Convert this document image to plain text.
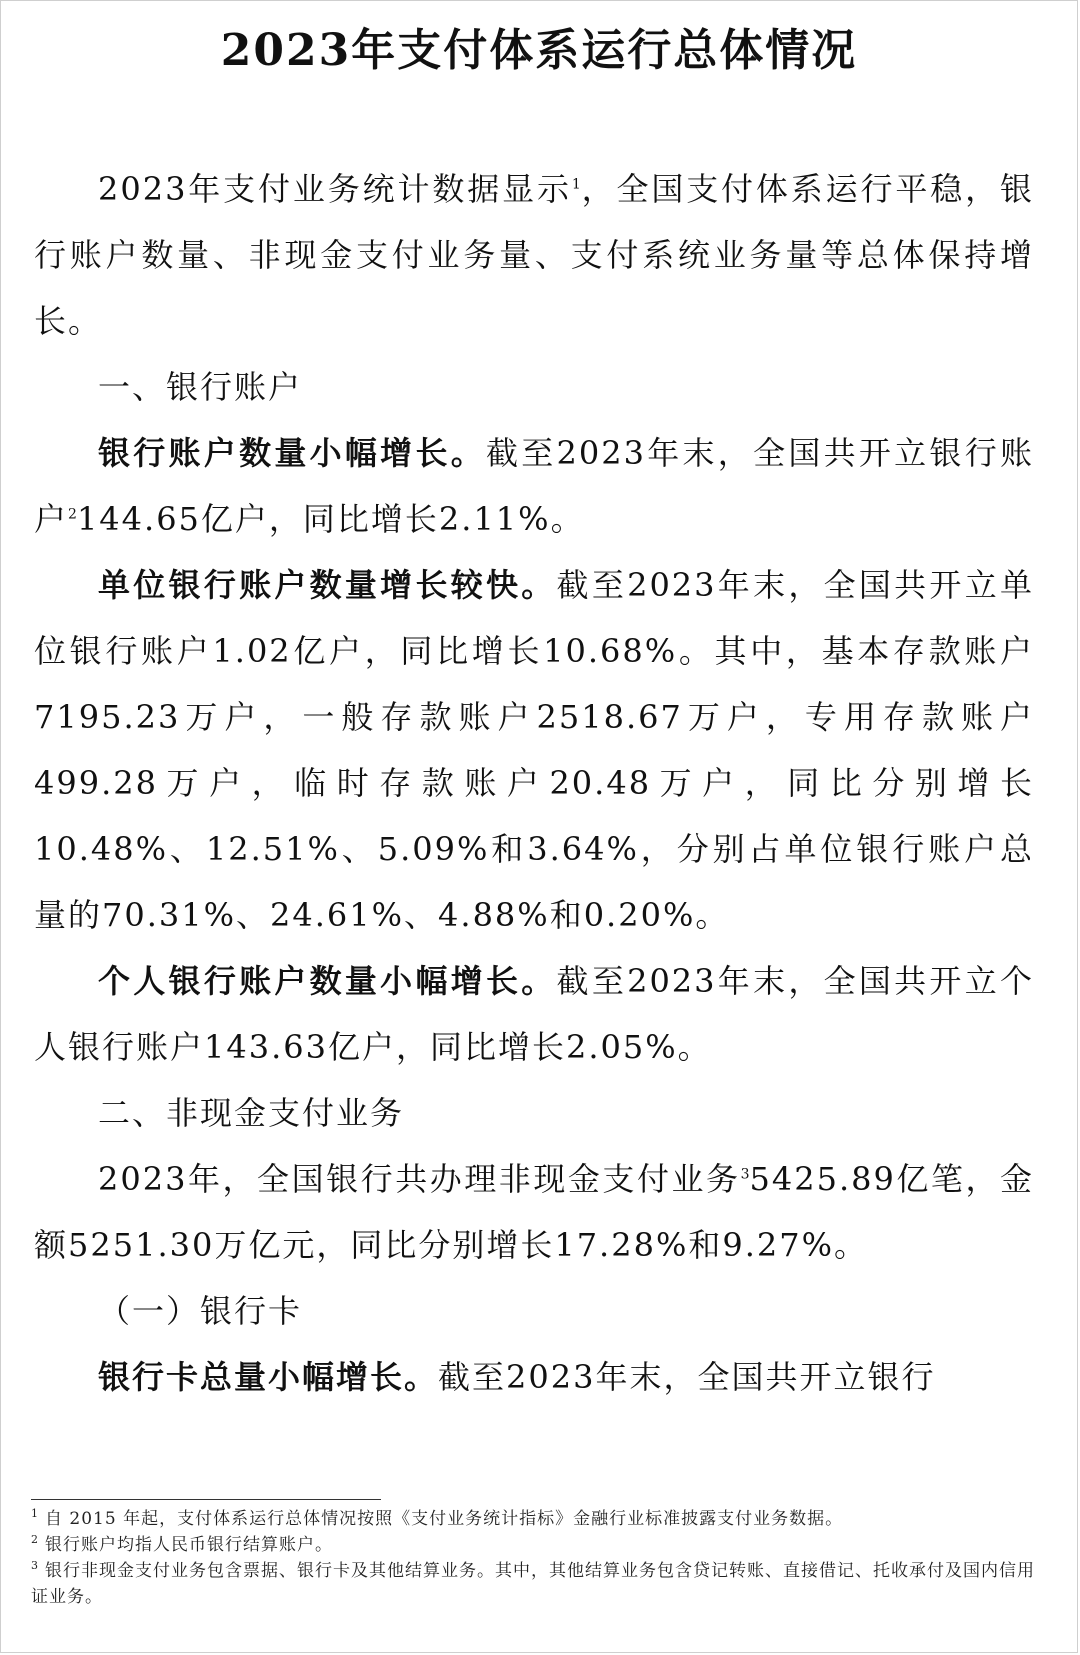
2023年支付体系运行总体情况

2023年支付业务统计数据显示$^1$，全国支付体系运行平稳，银行账户数量、非现金支付业务量、支付系统业务量等总体保持增长。

一、银行账户

银行账户数量小幅增长。截至2023年末，全国共开立银行账户$^2$144.65亿户，同比增长2.11%。

单位银行账户数量增长较快。截至2023年末，全国共开立单位银行账户1.02亿户，同比增长10.68%。其中，基本存款账户7195.23万户，一般存款账户2518.67万户，专用存款账户499.28万户，临时存款账户20.48万户，同比分别增长10.48%、12.51%、5.09%和3.64%，分别占单位银行账户总量的70.31%、24.61%、4.88%和0.20%。

个人银行账户数量小幅增长。截至2023年末，全国共开立个人银行账户143.63亿户，同比增长2.05%。

二、非现金支付业务

2023年，全国银行共办理非现金支付业务$^3$5425.89亿笔，金额5251.30万亿元，同比分别增长17.28%和9.27%。

（一）银行卡

银行卡总量小幅增长。截至2023年末，全国共开立银行

$^1$ 自 2015 年起，支付体系运行总体情况按照《支付业务统计指标》金融行业标准披露支付业务数据。

$^2$ 银行账户均指人民币银行结算账户。

$^3$ 银行非现金支付业务包含票据、银行卡及其他结算业务。其中，其他结算业务包含贷记转账、直接借记、托收承付及国内信用证业务。
